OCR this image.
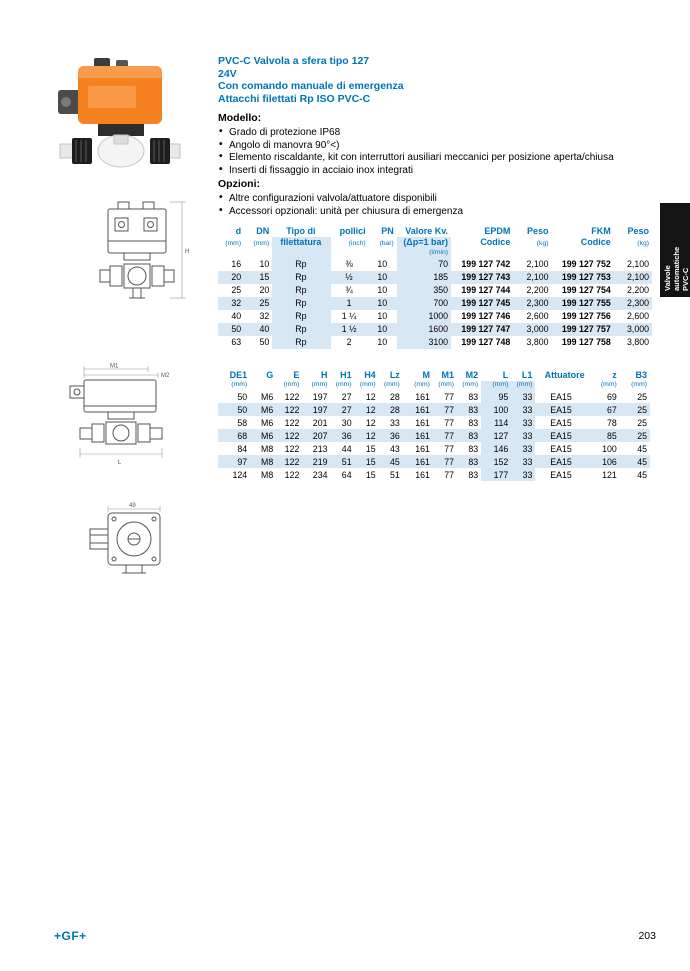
PVC-C Valvola a sfera tipo 127
24V
Con comando manuale di emergenza
Attacchi filettati Rp ISO PVC-C
Modello:
• Grado di protezione IP68
• Angolo di manovra 90°<)
• Elemento riscaldante, kit con interruttori ausiliari meccanici per posizione aperta/chiusa
• Inserti di fissaggio in acciaio inox integrati
Opzioni:
• Altre configurazioni valvola/attuatore disponibili
• Accessori opzionali: unità per chiusura di emergenza
Valvole automatiche PVC-C
H
M1
M2
L
49
d	DN	Tipo di	pollici	PN	Valore Kv.	EPDM	Peso	FKM	Peso
(mm)	(mm)	filettatura	(inch)	(bar)	(Δp=1 bar)	Codice	(kg)	Codice	(kg)
					(l/min)				
16	10	Rp	⅜	10	70	199 127 742	2,100	199 127 752	2,100
20	15	Rp	½	10	185	199 127 743	2,100	199 127 753	2,100
25	20	Rp	¾	10	350	199 127 744	2,200	199 127 754	2,200
32	25	Rp	1	10	700	199 127 745	2,300	199 127 755	2,300
40	32	Rp	1 ¼	10	1000	199 127 746	2,600	199 127 756	2,600
50	40	Rp	1 ½	10	1600	199 127 747	3,000	199 127 757	3,000
63	50	Rp	2	10	3100	199 127 748	3,800	199 127 758	3,800
DE1	G	E	H	H1	H4	Lz	M	M1	M2	L	L1	Attuatore	z	B3
(mm)		(mm)	(mm)	(mm)	(mm)	(mm)	(mm)	(mm)	(mm)	(mm)	(mm)		(mm)	(mm)
50	M6	122	197	27	12	28	161	77	83	95	33	EA15	69	25
50	M6	122	197	27	12	28	161	77	83	100	33	EA15	67	25
58	M6	122	201	30	12	33	161	77	83	114	33	EA15	78	25
68	M6	122	207	36	12	36	161	77	83	127	33	EA15	85	25
84	M8	122	213	44	15	43	161	77	83	146	33	EA15	100	45
97	M8	122	219	51	15	45	161	77	83	152	33	EA15	106	45
124	M8	122	234	64	15	51	161	77	83	177	33	EA15	121	45
+GF+	203
